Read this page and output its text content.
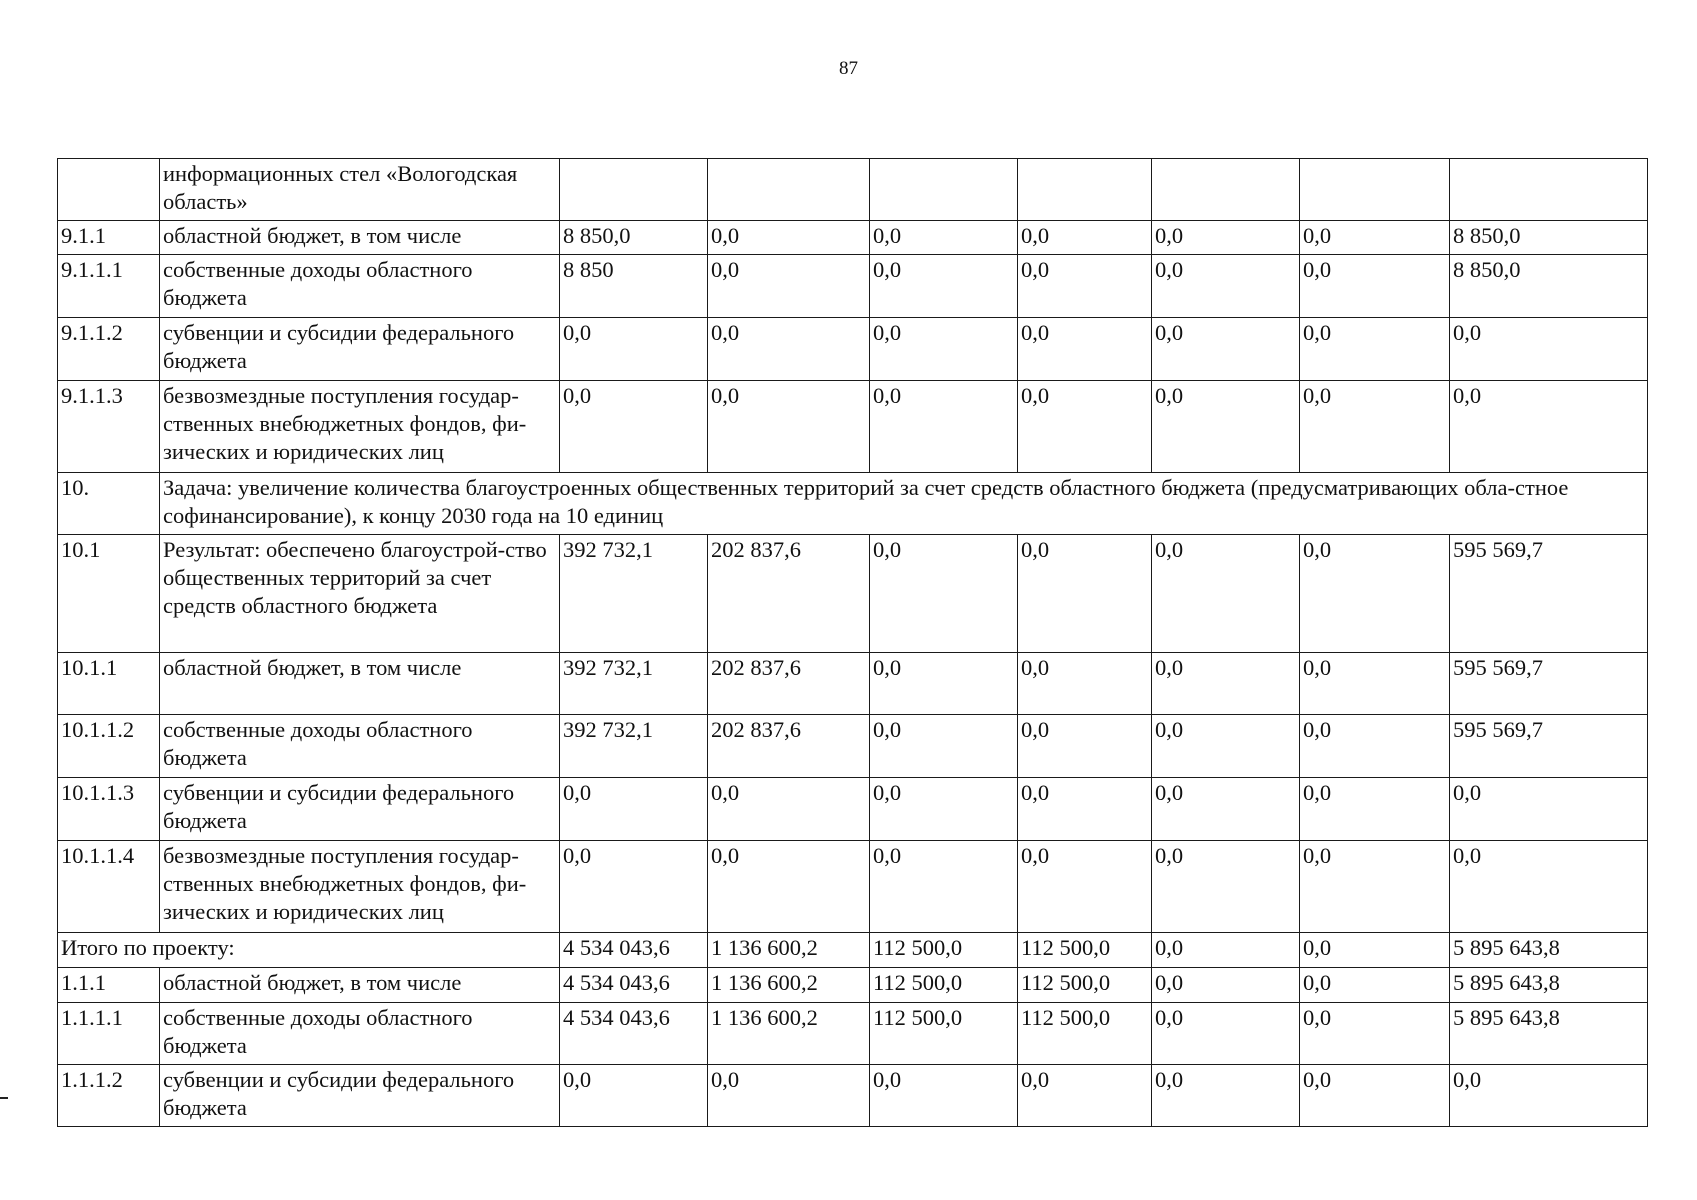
87
	информационных стел «Вологодская область»							
9.1.1	областной бюджет, в том числе	8 850,0	0,0	0,0	0,0	0,0	0,0	8 850,0
9.1.1.1	собственные доходы областного бюджета	8 850	0,0	0,0	0,0	0,0	0,0	8 850,0
9.1.1.2	субвенции и субсидии федерального бюджета	0,0	0,0	0,0	0,0	0,0	0,0	0,0
9.1.1.3	безвозмездные поступления государ-ственных внебюджетных фондов, фи-зических и юридических лиц	0,0	0,0	0,0	0,0	0,0	0,0	0,0
10.	Задача: увеличение количества благоустроенных общественных территорий за счет средств областного бюджета (предусматривающих обла-стное софинансирование), к концу 2030 года на 10 единиц							
10.1	Результат: обеспечено благоустрой-ство общественных территорий за счет средств областного бюджета	392 732,1	202 837,6	0,0	0,0	0,0	0,0	595 569,7
10.1.1	областной бюджет, в том числе	392 732,1	202 837,6	0,0	0,0	0,0	0,0	595 569,7
10.1.1.2	собственные доходы областного бюджета	392 732,1	202 837,6	0,0	0,0	0,0	0,0	595 569,7
10.1.1.3	субвенции и субсидии федерального бюджета	0,0	0,0	0,0	0,0	0,0	0,0	0,0
10.1.1.4	безвозмездные поступления государ-ственных внебюджетных фондов, фи-зических и юридических лиц	0,0	0,0	0,0	0,0	0,0	0,0	0,0
Итого по проекту:		4 534 043,6	1 136 600,2	112 500,0	112 500,0	0,0	0,0	5 895 643,8
1.1.1	областной бюджет, в том числе	4 534 043,6	1 136 600,2	112 500,0	112 500,0	0,0	0,0	5 895 643,8
1.1.1.1	собственные доходы областного бюджета	4 534 043,6	1 136 600,2	112 500,0	112 500,0	0,0	0,0	5 895 643,8
1.1.1.2	субвенции и субсидии федерального бюджета	0,0	0,0	0,0	0,0	0,0	0,0	0,0
